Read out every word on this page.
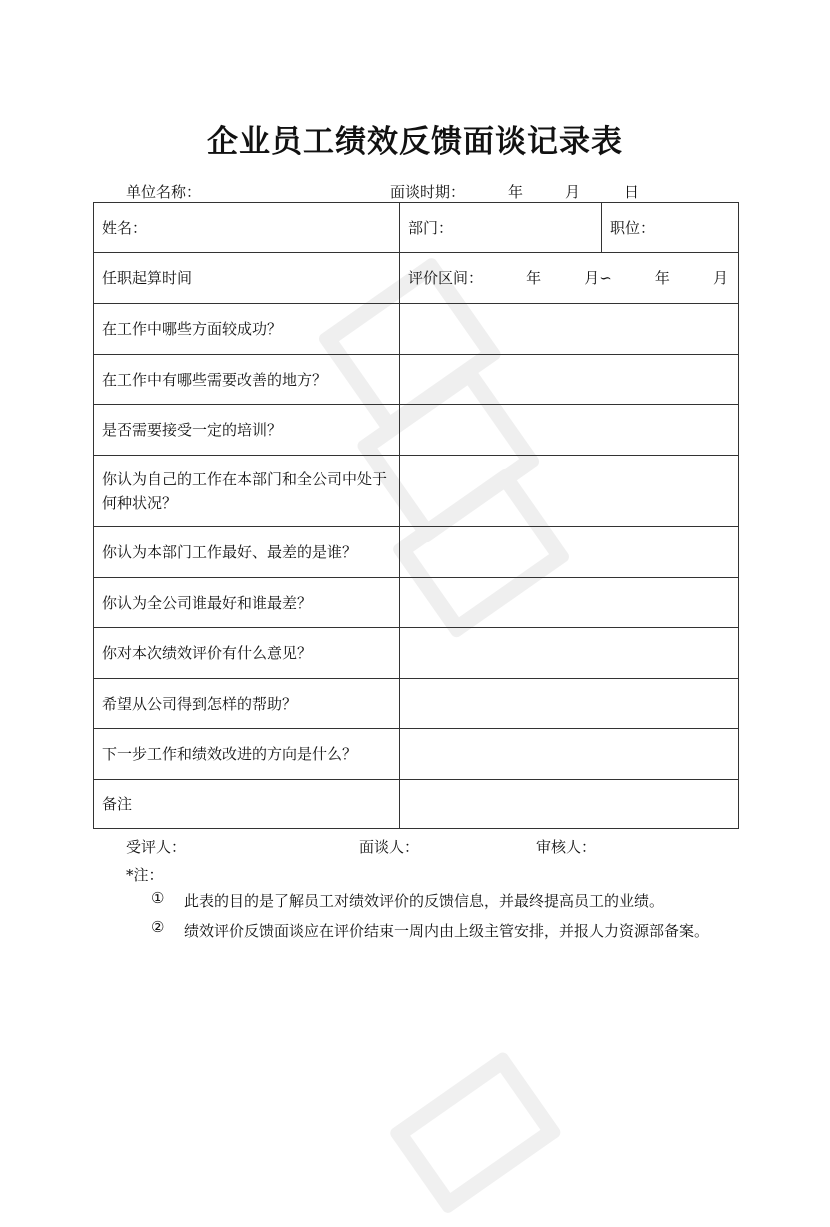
企业员工绩效反馈面谈记录表
单位名称：	面谈时期：	年	月	日
姓名：	部门：	职位：
任职起算时间	评价区间： 年 月∽ 年 月	

在工作中哪些方面较成功？		
在工作中有哪些需要改善的地方？		
是否需要接受一定的培训？		

你认为自己的工作在本部门和全公司中处于何种状况？		

你认为本部门工作最好、最差的是谁？		
你认为全公司谁最好和谁最差？		
你对本次绩效评价有什么意见？		
希望从公司得到怎样的帮助？		
下一步工作和绩效改进的方向是什么？		
备注		
受评人：	面谈人：	审核人：
*注：
① 此表的目的是了解员工对绩效评价的反馈信息，并最终提高员工的业绩。
② 绩效评价反馈面谈应在评价结束一周内由上级主管安排，并报人力资源部备案。
